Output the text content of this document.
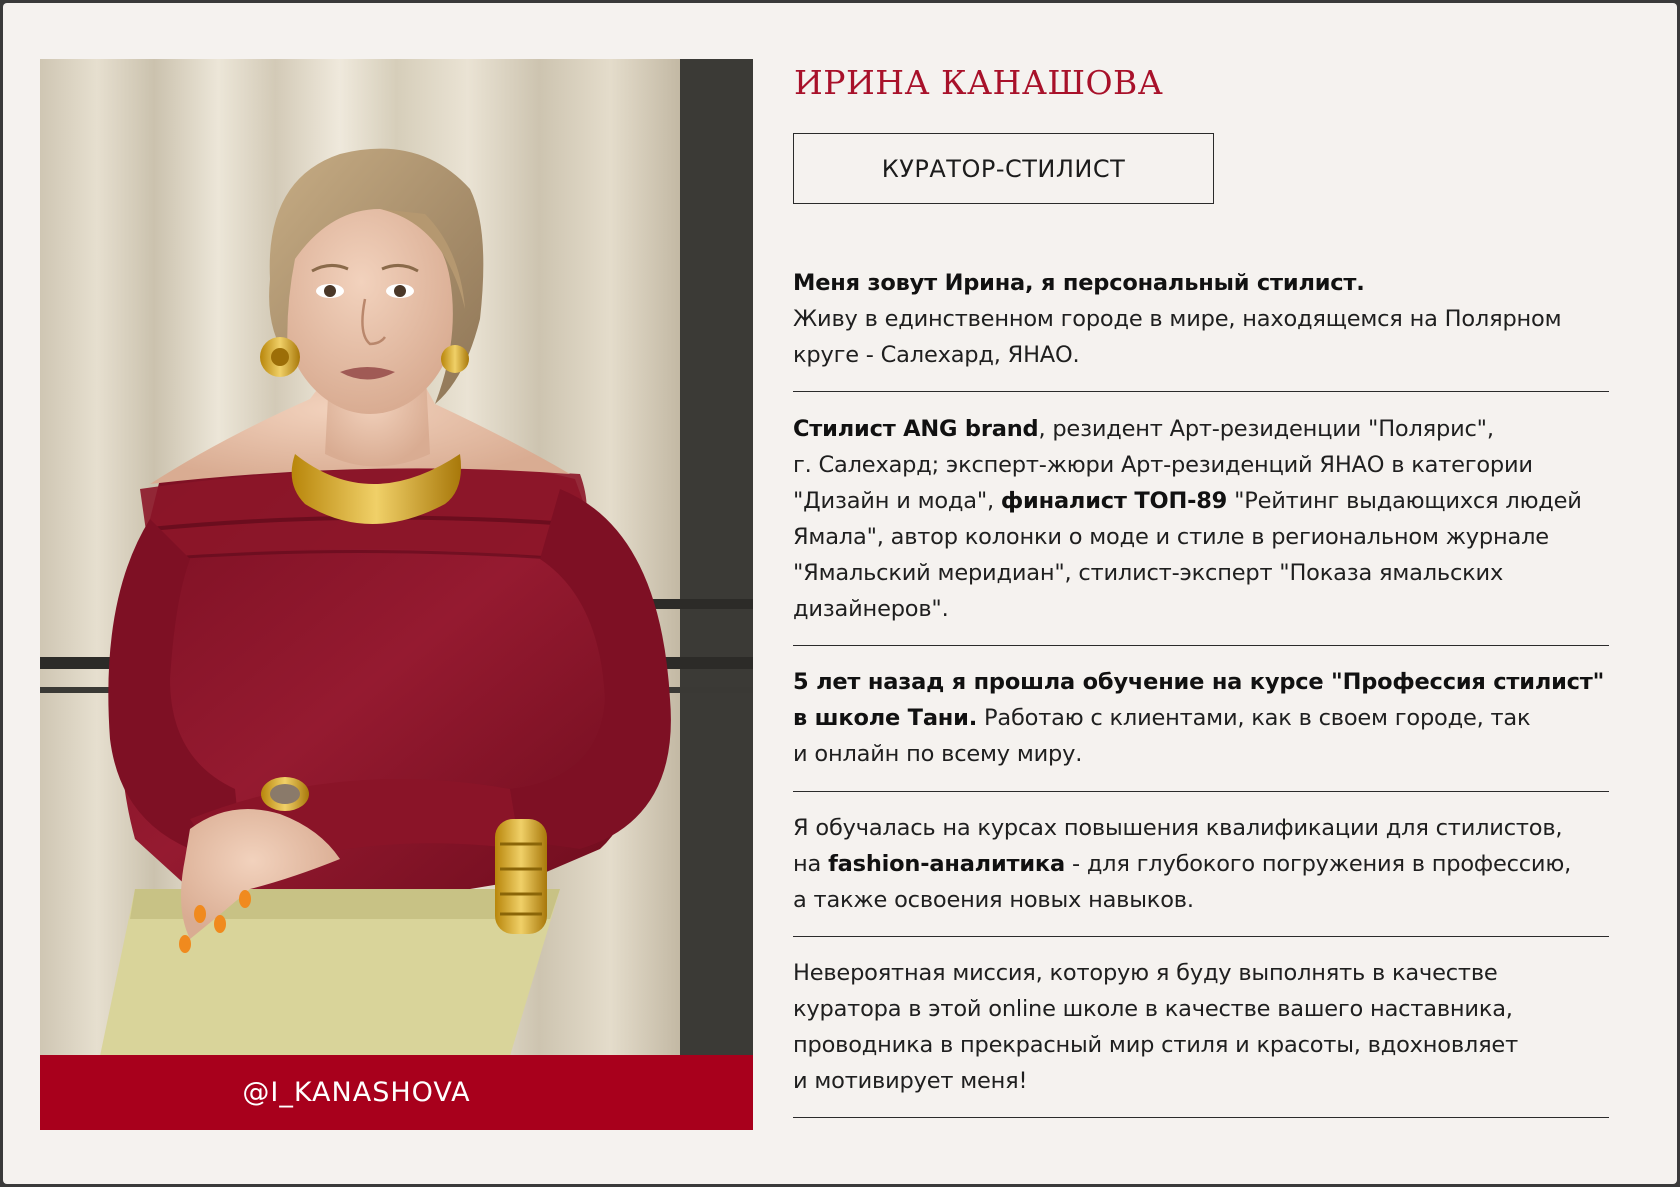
@I_KANASHOVA
ИРИНА КАНАШОВА
КУРАТОР-СТИЛИСТ
Меня зовут Ирина, я персональный стилист.
Живу в единственном городе в мире, находящемся на Полярном
круге - Салехард, ЯНАО.
Стилист ANG brand, резидент Арт-резиденции "Полярис",
г. Салехард; эксперт-жюри Арт-резиденций ЯНАО в категории
"Дизайн и мода", финалист ТОП-89 "Рейтинг выдающихся людей
Ямала", автор колонки о моде и стиле в региональном журнале
"Ямальский меридиан", стилист-эксперт "Показа ямальских
дизайнеров".
5 лет назад я прошла обучение на курсе "Профессия стилист"
в школе Тани. Работаю с клиентами, как в своем городе, так
и онлайн по всему миру.
Я обучалась на курсах повышения квалификации для стилистов,
на fashion-аналитика - для глубокого погружения в профессию,
а также освоения новых навыков.
Невероятная миссия, которую я буду выполнять в качестве
куратора в этой online школе в качестве вашего наставника,
проводника в прекрасный мир стиля и красоты, вдохновляет
и мотивирует меня!
